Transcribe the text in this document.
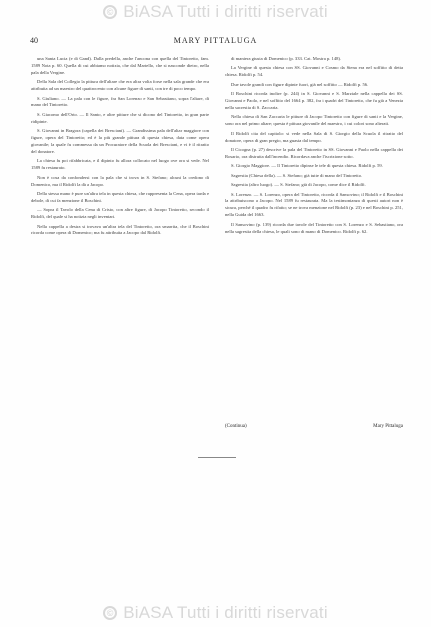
© BiASA Tutti i diritti riservati
40	MARY PITTALUGA

una Santa Lucia (e di Gand). Dalla predella, anche l'ancona con quella del Tintoretto, fam. 1589 Nota p. 60. Quella di cui abbiamo notizia, che dal Martello, che si nasconde dietro, nella pala della Vergine.

Della Sala del Collegio la pittura dell'altare che era altra volta forse nella sala grande che era attribuita ad un maestro del quattrocento con alcune figure di santi, con tre di poco tempo.

S. Giuliano. — La pala con le figure, fra San Lorenzo e San Sebastiano, sopra l'altare, di mano del Tintoretto.

S. Giacomo dell'Orio. — Il Santo, e altre pitture che si dicono del Tintoretto, in gran parte ridipinte.

S. Giovanni in Bragora (capella dei Bresciani). — Grandissima pala dell'altar maggiore con figure, opera del Tintoretto; ed è la più grande pittura di questa chiesa, data come opera giovanile; la quale fu commessa da un Procuratore della Scuola dei Bresciani, e vi è il ritratto del donatore.

La chiesa fu poi rifabbricata, e il dipinto fu allora collocato nel luogo ove ora si vede. Nel 1589 fu restaurato.

Non è cosa da confondersi con la pala che si trova in S. Stefano; alcuni la credono di Domenico, ma il Ridolfi la dà a Jacopo.

Della stessa mano è pure un'altra tela in questa chiesa, che rappresenta la Cena, opera tarda e debole, di cui fa menzione il Boschini.

— Sopra il Tavolo della Cena di Cristo, con altre figure, di Jacopo Tintoretto, secondo il Ridolfi, del quale si ha notizia negli inventari.

Nella cappella a destra si trovava un'altra tela del Tintoretto, ora smarrita, che il Boschini ricorda come opera di Domenico; ma fu attribuita a Jacopo dal Ridolfi.

di maniera giusta di Domenico (p. 333. Cat. Mostra p. 148).

La Vergine di questa chiesa con SS. Giovanni e Cosmo da Siena era nel soffitto di detta chiesa. Ridolfi p. 54.

Due tavole grandi con figure dipinte fuori, già nel soffitto — Ridolfi p. 56.

Il Boschini ricorda inoltre (p. 244) in S. Giovanni e S. Marziale nella cappella dei SS. Giovanni e Paolo, e nel soffitto del 1664 p. 382, fra i quadri del Tintoretto, che fu già a Venezia nella sacrestia di S. Zaccaria.

Nella chiesa di San Zaccaria le pitture di Jacopo Tintoretto con figure di santi e la Vergine, sono ora nel primo altare; questa è pittura giovanile del maestro, i cui colori sono alterati.

Il Ridolfi cita del capitolo: si vede nella Sala di S. Giorgio della Scuola il ritratto del donatore, opera di gran pregio, ma guasta dal tempo.

Il Cicogna (p. 27) descrive la pala del Tintoretto in SS. Giovanni e Paolo nella cappella dei Rosario, ora distrutta dall'incendio. Ricordava anche l'iscrizione sotto.

S. Giorgio Maggiore. — Il Tintoretto dipinse le tele di questa chiesa. Ridolfi p. 59.

Sagrestia (Chiesa della). — S. Stefano; già tutte di mano del Tintoretto.

Sagrestia (altro luogo). — S. Stefano; già di Jacopo, come dice il Ridolfi.

S. Lorenzo. — S. Lorenzo, opera del Tintoretto, ricorda il Sansovino; il Ridolfi e il Boschini la attribuiscono a Jacopo. Nel 1589 fu restaurata. Ma la testimonianza di questi autori non è sicura, perché il quadro fu rifatto; se ne trova menzione nel Ridolfi (p. 23) e nel Boschini p. 251, nella Guida del 1663.

Il Sansovino (p. 139) ricorda due tavole del Tintoretto con S. Lorenzo e S. Sebastiano, ora nella sagrestia della chiesa, le quali sono di mano di Domenico. Ridolfi p. 62.

(Continua)	Mary Pittaluga
© BiASA Tutti i diritti riservati
